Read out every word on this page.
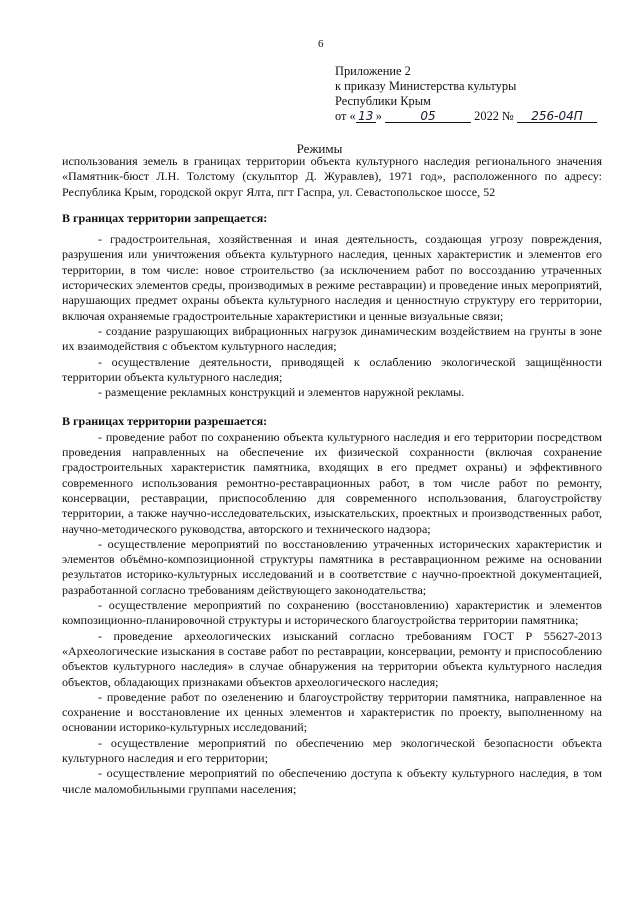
6
Приложение 2
к приказу Министерства культуры
Республики Крым
от « 13 »	05	2022 № 256-04П
Режимы

использования земель в границах территории объекта культурного наследия регионального значения «Памятник-бюст Л.Н. Толстому (скульптор Д. Журавлев), 1971 год», расположенного по адресу: Республика Крым, городской округ Ялта, пгт Гаспра, ул. Севастопольское шоссе, 52

В границах территории запрещается:

- градостроительная, хозяйственная и иная деятельность, создающая угрозу повреждения, разрушения или уничтожения объекта культурного наследия, ценных характеристик и элементов его территории, в том числе: новое строительство (за исключением работ по воссозданию утраченных исторических элементов среды, производимых в режиме реставрации) и проведение иных мероприятий, нарушающих предмет охраны объекта культурного наследия и ценностную структуру его территории, включая охраняемые градостроительные характеристики и ценные визуальные связи;

- создание разрушающих вибрационных нагрузок динамическим воздействием на грунты в зоне их взаимодействия с объектом культурного наследия;

- осуществление деятельности, приводящей к ослаблению экологической защищённости территории объекта культурного наследия;

- размещение рекламных конструкций и элементов наружной рекламы.

В границах территории разрешается:

- проведение работ по сохранению объекта культурного наследия и его территории посредством проведения направленных на обеспечение их физической сохранности (включая сохранение градостроительных характеристик памятника, входящих в его предмет охраны) и эффективного современного использования ремонтно-реставрационных работ, в том числе работ по ремонту, консервации, реставрации, приспособлению для современного использования, благоустройству территории, а также научно-исследовательских, изыскательских, проектных и производственных работ, научно-методического руководства, авторского и технического надзора;

- осуществление мероприятий по восстановлению утраченных исторических характеристик и элементов объёмно-композиционной структуры памятника в реставрационном режиме на основании результатов историко-культурных исследований и в соответствие с научно-проектной документацией, разработанной согласно требованиям действующего законодательства;

- осуществление мероприятий по сохранению (восстановлению) характеристик и элементов композиционно-планировочной структуры и исторического благоустройства территории памятника;

- проведение археологических изысканий согласно требованиям ГОСТ Р 55627-2013 «Археологические изыскания в составе работ по реставрации, консервации, ремонту и приспособлению объектов культурного наследия» в случае обнаружения на территории объекта культурного наследия объектов, обладающих признаками объектов археологического наследия;

- проведение работ по озеленению и благоустройству территории памятника, направленное на сохранение и восстановление их ценных элементов и характеристик по проекту, выполненному на основании историко-культурных исследований;

- осуществление мероприятий по обеспечению мер экологической безопасности объекта культурного наследия и его территории;

- осуществление мероприятий по обеспечению доступа к объекту культурного наследия, в том числе маломобильными группами населения;
